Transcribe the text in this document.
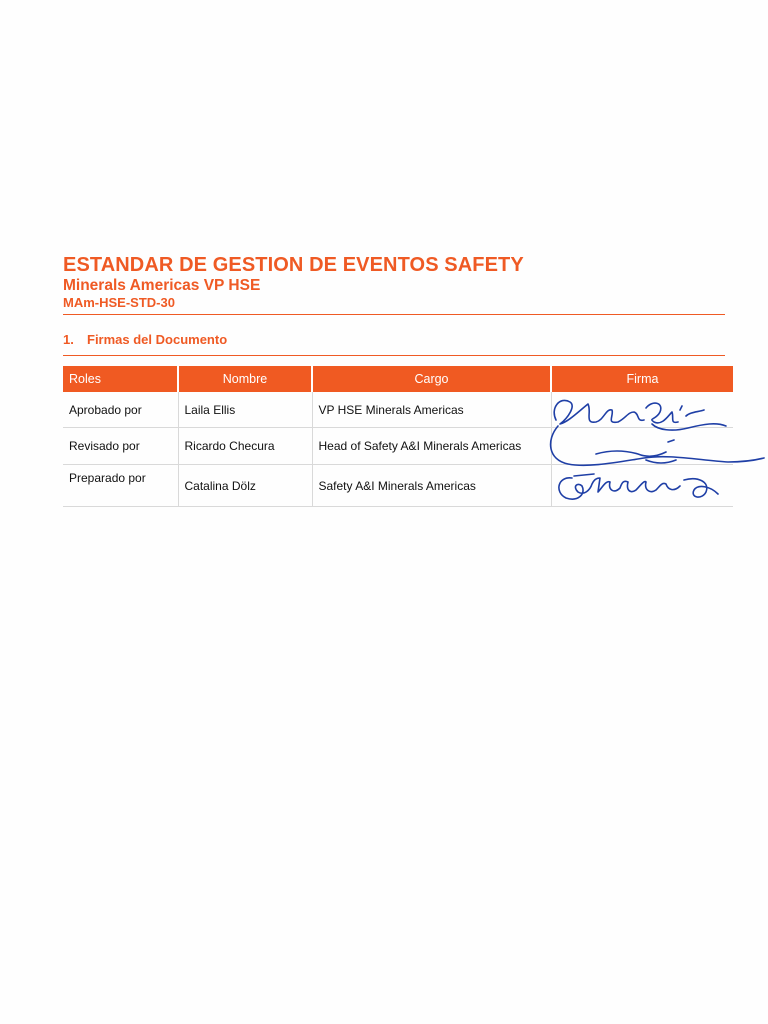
ESTANDAR DE GESTION DE EVENTOS SAFETY
Minerals Americas VP HSE
MAm-HSE-STD-30
1. Firmas del Documento
Roles	Nombre	Cargo	Firma
Aprobado por	Laila Ellis	VP HSE Minerals Americas	
Revisado por	Ricardo Checura	Head of Safety A&I Minerals Americas	
Preparado por	Catalina Dölz	Safety A&I Minerals Americas	
